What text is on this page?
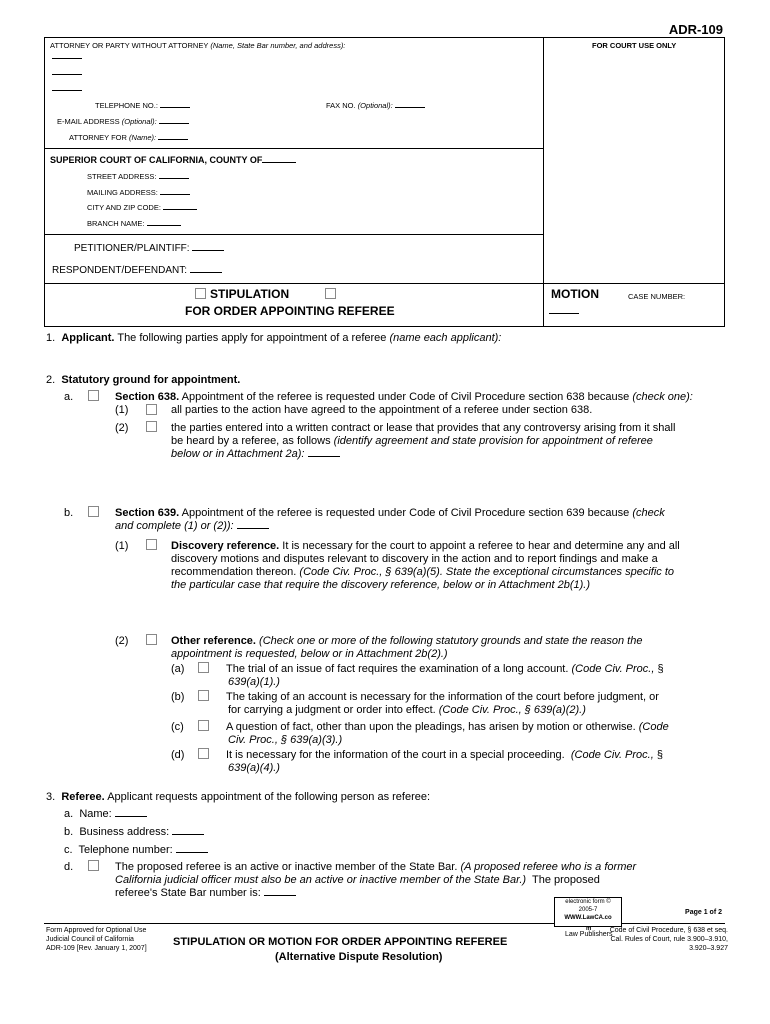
ADR-109
ATTORNEY OR PARTY WITHOUT ATTORNEY (Name, State Bar number, and address):	FOR COURT USE ONLY
TELEPHONE NO.:	FAX NO. (Optional):
E-MAIL ADDRESS (Optional):
ATTORNEY FOR (Name):
SUPERIOR COURT OF CALIFORNIA, COUNTY OF
STREET ADDRESS:
MAILING ADDRESS:
CITY AND ZIP CODE:
BRANCH NAME:
PETITIONER/PLAINTIFF:
RESPONDENT/DEFENDANT:
STIPULATION	MOTION
FOR ORDER APPOINTING REFEREE
CASE NUMBER:
1. Applicant. The following parties apply for appointment of a referee (name each applicant):
2. Statutory ground for appointment.
a.	Section 638. Appointment of the referee is requested under Code of Civil Procedure section 638 because (check one):
(1)	all parties to the action have agreed to the appointment of a referee under section 638.
(2)	the parties entered into a written contract or lease that provides that any controversy arising from it shall

be heard by a referee, as follows (identify agreement and state provision for appointment of referee

below or in Attachment 2a):

b.	Section 639. Appointment of the referee is requested under Code of Civil Procedure section 639 because (check

and complete (1) or (2)):

(1)	Discovery reference. It is necessary for the court to appoint a referee to hear and determine any and all

discovery motions and disputes relevant to discovery in the action and to report findings and make a

recommendation thereon. (Code Civ. Proc., § 639(a)(5). State the exceptional circumstances specific to

the particular case that require the discovery reference, below or in Attachment 2b(1).)

(2)	Other reference. (Check one or more of the following statutory grounds and state the reason the

appointment is requested, below or in Attachment 2b(2).)

(a)	The trial of an issue of fact requires the examination of a long account. (Code Civ. Proc., §

639(a)(1).)

(b)	The taking of an account is necessary for the information of the court before judgment, or

for carrying a judgment or order into effect. (Code Civ. Proc., § 639(a)(2).)

(c)	A question of fact, other than upon the pleadings, has arisen by motion or otherwise. (Code

Civ. Proc., § 639(a)(3).)

(d)	It is necessary for the information of the court in a special proceeding. (Code Civ. Proc., §

639(a)(4).)

3. Referee. Applicant requests appointment of the following person as referee:
a. Name:
b. Business address:
c. Telephone number:
d.	The proposed referee is an active or inactive member of the State Bar. (A proposed referee who is a former

California judicial officer must also be an active or inactive member of the State Bar.) The proposed

referee's State Bar number is:

Form Approved for Optional Use

Judicial Council of California

ADR-109 [Rev. January 1, 2007]

STIPULATION OR MOTION FOR ORDER APPOINTING REFEREE
(Alternative Dispute Resolution)

electronic form ©

2005-7

WWW.LawCA.co

m
Law Publishers
Page 1 of 2

Code of Civil Procedure, § 638 et seq.

Cal. Rules of Court, rule 3.900–3.910,

3.920–3.927
